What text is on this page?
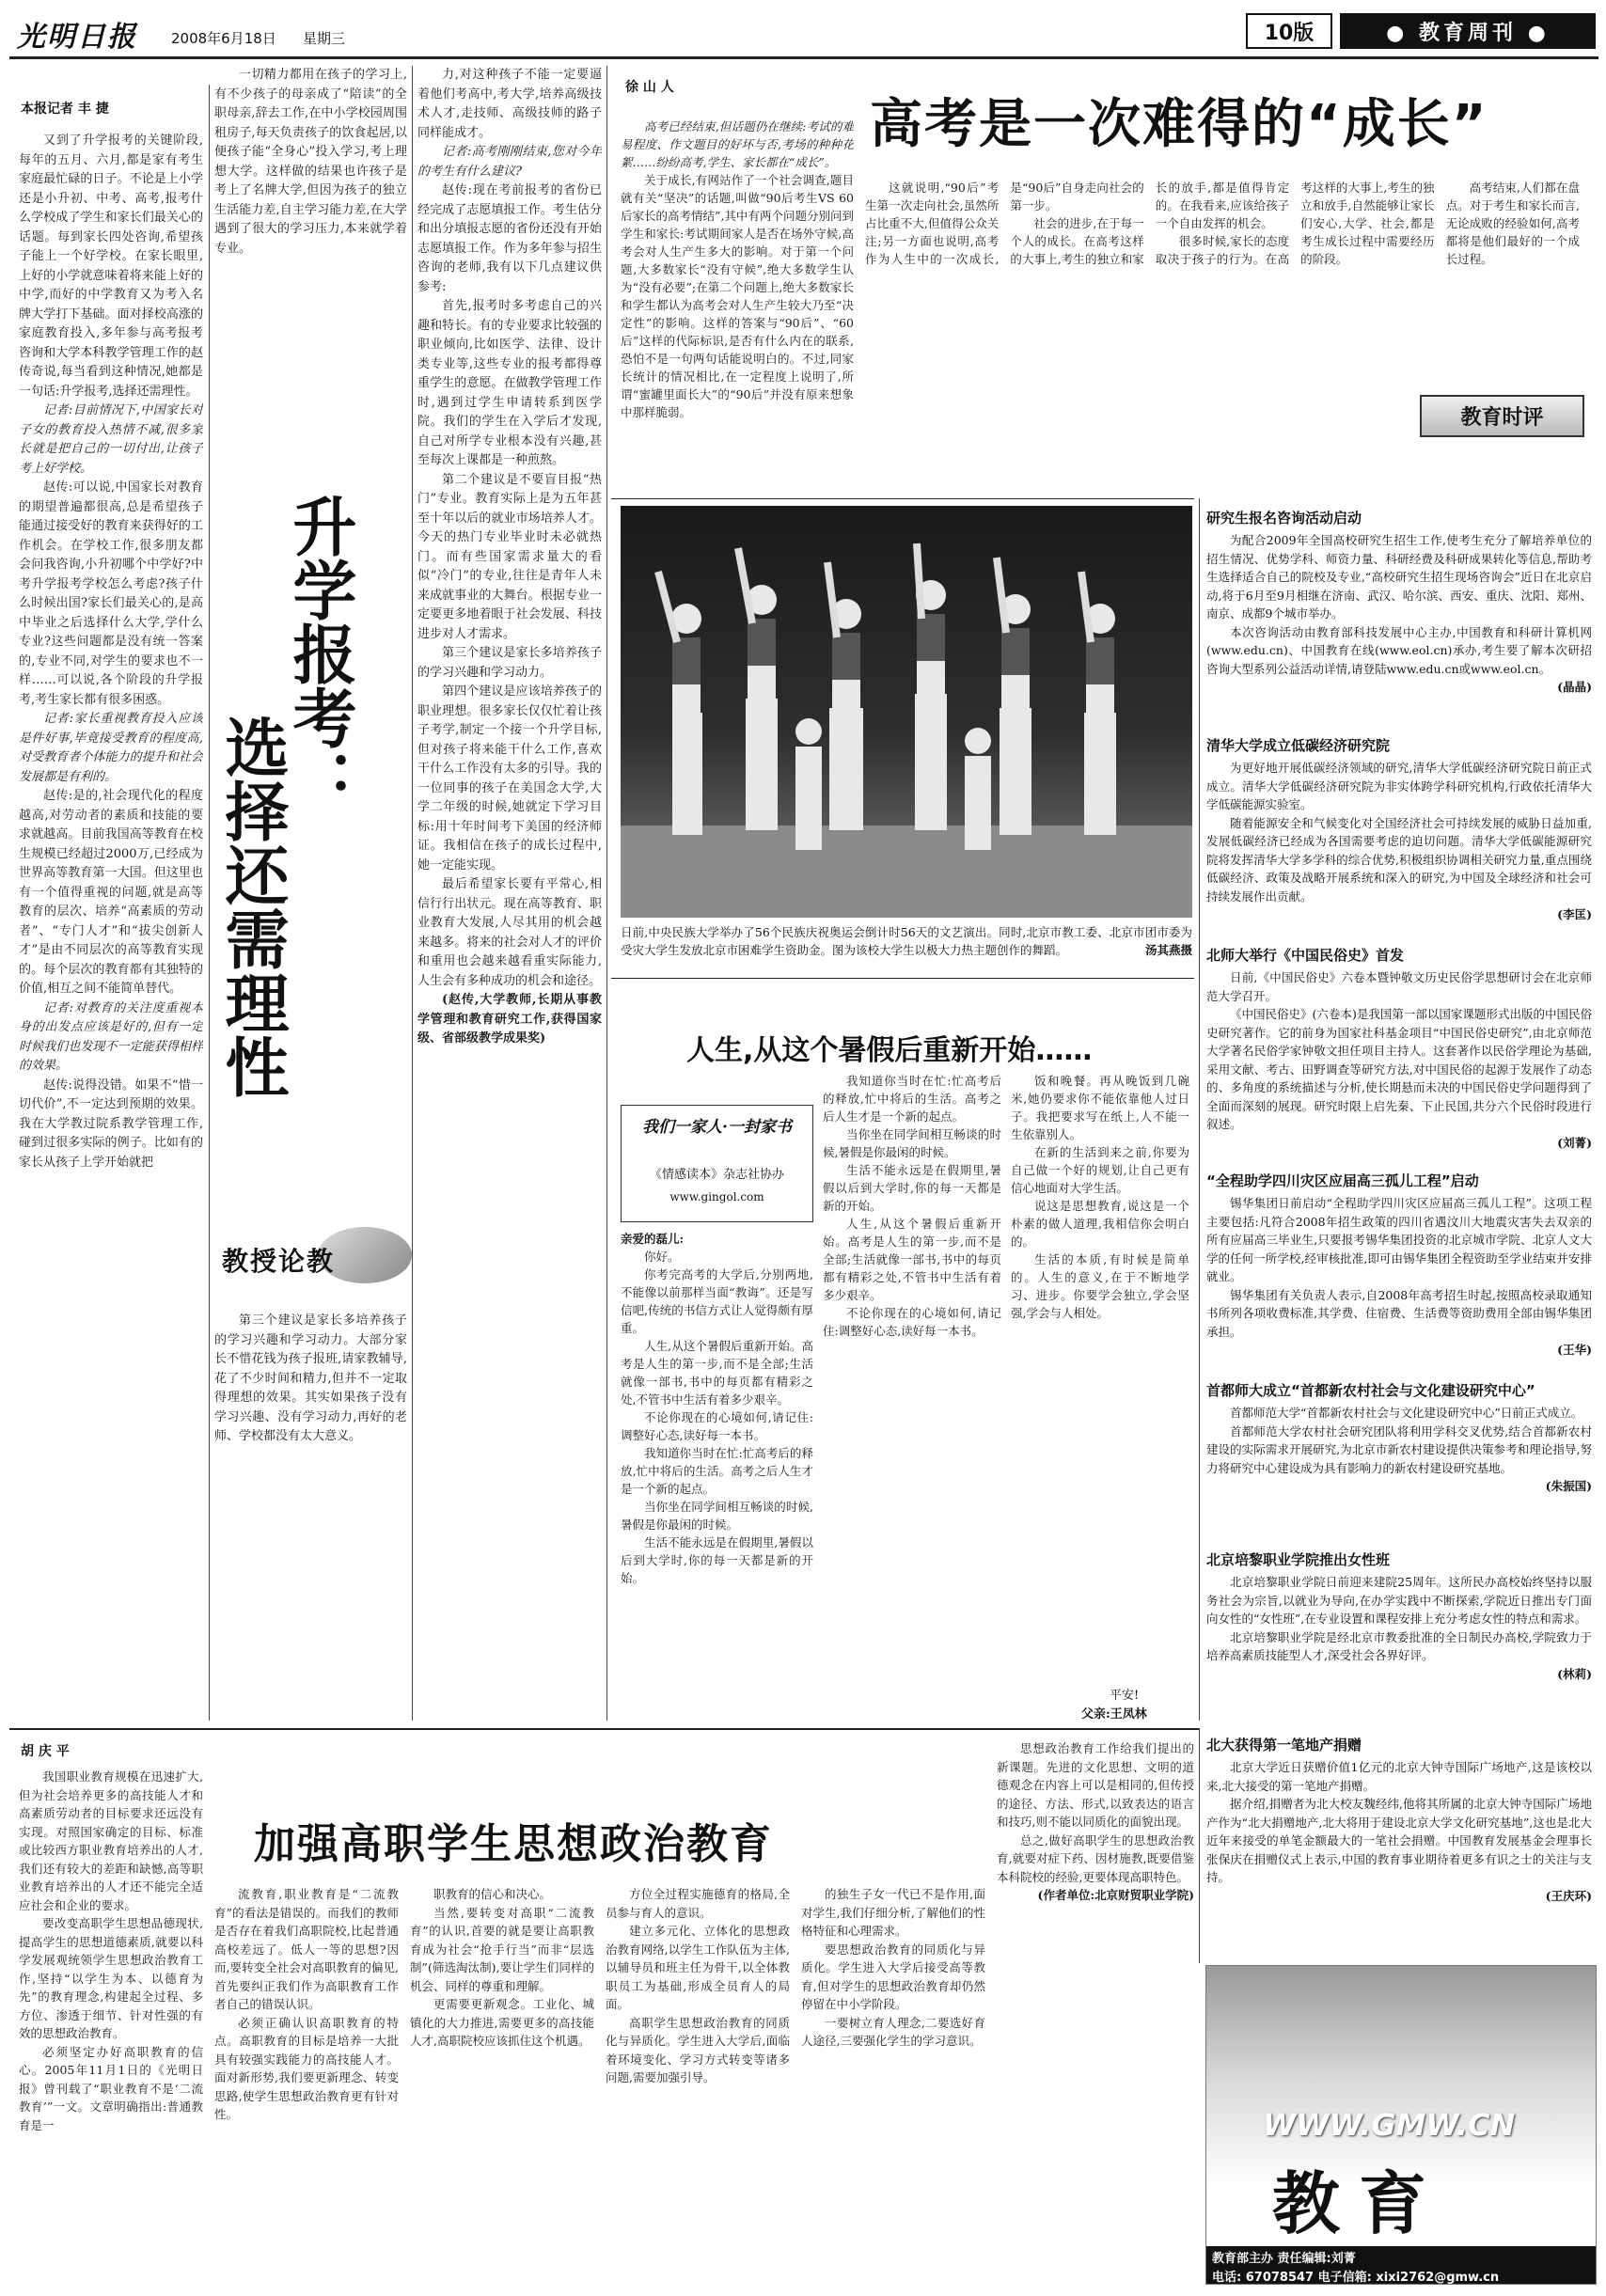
光明日报 2008年6月18日 星期三	10版	● 教育周刊 ●
本报记者 丰 捷

又到了升学报考的关键阶段,每年的五月、六月,都是家有考生家庭最忙碌的日子。不论是上小学还是小升初、中考、高考,报考什么学校成了学生和家长们最关心的话题。每到家长四处咨询,希望孩子能上一个好学校。在家长眼里,上好的小学就意味着将来能上好的中学,而好的中学教育又为考入名牌大学打下基础。面对择校高涨的家庭教育投入,多年参与高考报考咨询和大学本科教学管理工作的赵传奇说,每当看到这种情况,她都是一句话:升学报考,选择还需理性。

记者:目前情况下,中国家长对子女的教育投入热情不减,很多家长就是把自己的一切付出,让孩子考上好学校。

赵传:可以说,中国家长对教育的期望普遍都很高,总是希望孩子能通过接受好的教育来获得好的工作机会。在学校工作,很多朋友都会问我咨询,小升初哪个中学好?中考升学报考学校怎么考虑?孩子什么时候出国?家长们最关心的,是高中毕业之后选择什么大学,学什么专业?这些问题都是没有统一答案的,专业不同,对学生的要求也不一样……可以说,各个阶段的升学报考,考生家长都有很多困惑。

记者:家长重视教育投入应该是件好事,毕竟接受教育的程度高,对受教育者个体能力的提升和社会发展都是有利的。

赵传:是的,社会现代化的程度越高,对劳动者的素质和技能的要求就越高。目前我国高等教育在校生规模已经超过2000万,已经成为世界高等教育第一大国。但这里也有一个值得重视的问题,就是高等教育的层次、培养“高素质的劳动者”、“专门人才”和“拔尖创新人才”是由不同层次的高等教育实现的。每个层次的教育都有其独特的价值,相互之间不能简单替代。

记者:对教育的关注度重视本身的出发点应该是好的,但有一定时候我们也发现不一定能获得相样的效果。

赵传:说得没错。如果不“惜一切代价”,不一定达到预期的效果。我在大学教过院系教学管理工作,碰到过很多实际的例子。比如有的家长从孩子上学开始就把

升学报考：
选择还需理性
教授论教

一切精力都用在孩子的学习上,有不少孩子的母亲成了“陪读”的全职母亲,辞去工作,在中小学校园周围租房子,每天负责孩子的饮食起居,以便孩子能“全身心”投入学习,考上理想大学。这样做的结果也许孩子是考上了名牌大学,但因为孩子的独立生活能力差,自主学习能力差,在大学遇到了很大的学习压力,本来就学着专业。

第三个建议是家长多培养孩子的学习兴趣和学习动力。大部分家长不惜花钱为孩子报班,请家教辅导,花了不少时间和精力,但并不一定取得理想的效果。其实如果孩子没有学习兴趣、没有学习动力,再好的老师、学校都没有太大意义。

力,对这种孩子不能一定要逼着他们考高中,考大学,培养高级技术人才,走技师、高级技师的路子同样能成才。

记者:高考刚刚结束,您对今年的考生有什么建议?

赵传:现在考前报考的省份已经完成了志愿填报工作。考生估分和出分填报志愿的省份还没有开始志愿填报工作。作为多年参与招生咨询的老师,我有以下几点建议供参考:

首先,报考时多考虑自己的兴趣和特长。有的专业要求比较强的职业倾向,比如医学、法律、设计类专业等,这些专业的报考都得尊重学生的意愿。在做教学管理工作时,遇到过学生申请转系到医学院。我们的学生在入学后才发现,自己对所学专业根本没有兴趣,甚至每次上课都是一种煎熬。

第二个建议是不要盲目报“热门”专业。教育实际上是为五年甚至十年以后的就业市场培养人才。今天的热门专业毕业时未必就热门。而有些国家需求量大的看似“冷门”的专业,往往是青年人未来成就事业的大舞台。根据专业一定要更多地着眼于社会发展、科技进步对人才需求。

第三个建议是家长多培养孩子的学习兴趣和学习动力。

第四个建议是应该培养孩子的职业理想。很多家长仅仅忙着让孩子考学,制定一个接一个升学目标,但对孩子将来能干什么工作,喜欢干什么工作没有太多的引导。我的一位同事的孩子在美国念大学,大学二年级的时候,她就定下学习目标:用十年时间考下美国的经济师证。我相信在孩子的成长过程中,她一定能实现。

最后希望家长要有平常心,相信行行出状元。现在高等教育、职业教育大发展,人尽其用的机会越来越多。将来的社会对人才的评价和重用也会越来越看重实际能力,人生会有多种成功的机会和途径。

(赵传,大学教师,长期从事教学管理和教育研究工作,获得国家级、省部级教学成果奖)

徐 山 人
高考是一次难得的“成长”

高考已经结束,但话题仍在继续:考试的难易程度、作文题目的好坏与否,考场的种种花絮……纷纷高考,学生、家长都在“成长”。

关于成长,有网站作了一个社会调查,题目就有关“坚决”的话题,叫做“90后考生VS 60后家长的高考情结”,其中有两个问题分别问到学生和家长:考试期间家人是否在场外守候,高考会对人生产生多大的影响。对于第一个问题,大多数家长“没有守候”,绝大多数学生认为“没有必要”;在第二个问题上,绝大多数家长和学生都认为高考会对人生产生较大乃至“决定性”的影响。这样的答案与“90后”、“60后”这样的代际标识,是否有什么内在的联系,恐怕不是一句两句话能说明白的。不过,同家长统计的情况相比,在一定程度上说明了,所谓“蜜罐里面长大”的“90后”并没有原来想象中那样脆弱。

这就说明,“90后”考生第一次走向社会,虽然所占比重不大,但值得公众关注;另一方面也说明,高考作为人生中的一次成长,是“90后”自身走向社会的第一步。

社会的进步,在于每一个人的成长。在高考这样的大事上,考生的独立和家长的放手,都是值得肯定的。在我看来,应该给孩子一个自由发挥的机会。

很多时候,家长的态度取决于孩子的行为。在高考这样的大事上,考生的独立和放手,自然能够让家长们安心,大学、社会,都是考生成长过程中需要经历的阶段。

高考结束,人们都在盘点。对于考生和家长而言,无论成败的经验如何,高考都将是他们最好的一个成长过程。

教育时评
日前,中央民族大学举办了56个民族庆祝奥运会倒计时56天的文艺演出。同时,北京市教工委、北京市团市委为受灾大学生发放北京市困难学生资助金。图为该校大学生以极大力热主题创作的舞蹈。	汤其燕摄
人生,从这个暑假后重新开始……
我们一家人·一封家书
《情感读本》杂志社协办
www.gingol.com
亲爱的磊儿:

你好。

你考完高考的大学后,分别两地,不能像以前那样当面“教诲”。还是写信吧,传统的书信方式让人觉得颇有厚重。

人生,从这个暑假后重新开始。高考是人生的第一步,而不是全部;生活就像一部书,书中的每页都有精彩之处,不管书中生活有着多少艰辛。

不论你现在的心境如何,请记住:调整好心态,读好每一本书。

我知道你当时在忙:忙高考后的释放,忙中将后的生活。高考之后人生才是一个新的起点。

当你坐在同学间相互畅谈的时候,暑假是你最闲的时候。

生活不能永远是在假期里,暑假以后到大学时,你的每一天都是新的开始。

我知道你当时在忙:忙高考后的释放,忙中将后的生活。高考之后人生才是一个新的起点。

当你坐在同学间相互畅谈的时候,暑假是你最闲的时候。

生活不能永远是在假期里,暑假以后到大学时,你的每一天都是新的开始。

人生,从这个暑假后重新开始。高考是人生的第一步,而不是全部;生活就像一部书,书中的每页都有精彩之处,不管书中生活有着多少艰辛。

不论你现在的心境如何,请记住:调整好心态,读好每一本书。

饭和晚餐。再从晚饭到几碗米,她仍要求你不能依靠他人过日子。我把要求写在纸上,人不能一生依靠别人。

在新的生活到来之前,你要为自己做一个好的规划,让自己更有信心地面对大学生活。

说这是思想教育,说这是一个朴素的做人道理,我相信你会明白的。

生活的本质,有时候是简单的。人生的意义,在于不断地学习、进步。你要学会独立,学会坚强,学会与人相处。

平安!
父亲:王凤林
研究生报名咨询活动启动

为配合2009年全国高校研究生招生工作,使考生充分了解培养单位的招生情况、优势学科、师资力量、科研经费及科研成果转化等信息,帮助考生选择适合自己的院校及专业,“高校研究生招生现场咨询会”近日在北京启动,将于6月至9月相继在济南、武汉、哈尔滨、西安、重庆、沈阳、郑州、南京、成都9个城市举办。

本次咨询活动由教育部科技发展中心主办,中国教育和科研计算机网(www.edu.cn)、中国教育在线(www.eol.cn)承办,考生要了解本次研招咨询大型系列公益活动详情,请登陆www.edu.cn或www.eol.cn。

(晶晶)
清华大学成立低碳经济研究院

为更好地开展低碳经济领域的研究,清华大学低碳经济研究院日前正式成立。清华大学低碳经济研究院为非实体跨学科研究机构,行政依托清华大学低碳能源实验室。

随着能源安全和气候变化对全国经济社会可持续发展的威胁日益加重,发展低碳经济已经成为各国需要考虑的迫切问题。清华大学低碳能源研究院将发挥清华大学多学科的综合优势,积极组织协调相关研究力量,重点围绕低碳经济、政策及战略开展系统和深入的研究,为中国及全球经济和社会可持续发展作出贡献。

(李匡)
北师大举行《中国民俗史》首发

日前,《中国民俗史》六卷本暨钟敬文历史民俗学思想研讨会在北京师范大学召开。

《中国民俗史》(六卷本)是我国第一部以国家课题形式出版的中国民俗史研究著作。它的前身为国家社科基金项目“中国民俗史研究”,由北京师范大学著名民俗学家钟敬文担任项目主持人。这套著作以民俗学理论为基础,采用文献、考古、田野调查等研究方法,对中国民俗的起源于发展作了动态的、多角度的系统描述与分析,使长期悬而未决的中国民俗史学问题得到了全面而深刻的展现。研究时限上启先秦、下止民国,共分六个民俗时段进行叙述。

(刘菁)
“全程助学四川灾区应届高三孤儿工程”启动

锡华集团日前启动“全程助学四川灾区应届高三孤儿工程”。这项工程主要包括:凡符合2008年招生政策的四川省遇汶川大地震灾害失去双亲的所有应届高三毕业生,只要报考锡华集团投资的北京城市学院、北京人文大学的任何一所学校,经审核批准,即可由锡华集团全程资助至学业结束并安排就业。

锡华集团有关负责人表示,自2008年高考招生时起,按照高校录取通知书所列各项收费标准,其学费、住宿费、生活费等资助费用全部由锡华集团承担。

(王华)
首都师大成立“首都新农村社会与文化建设研究中心”

首都师范大学“首都新农村社会与文化建设研究中心”日前正式成立。

首都师范大学农村社会研究团队将利用学科交叉优势,结合首都新农村建设的实际需求开展研究,为北京市新农村建设提供决策参考和理论指导,努力将研究中心建设成为具有影响力的新农村建设研究基地。

(朱振国)
北京培黎职业学院推出女性班

北京培黎职业学院日前迎来建院25周年。这所民办高校始终坚持以服务社会为宗旨,以就业为导向,在办学实践中不断探索,学院近日推出专门面向女性的“女性班”,在专业设置和课程安排上充分考虑女性的特点和需求。

北京培黎职业学院是经北京市教委批准的全日制民办高校,学院致力于培养高素质技能型人才,深受社会各界好评。

(林莉)
北大获得第一笔地产捐赠

北京大学近日获赠价值1亿元的北京大钟寺国际广场地产,这是该校以来,北大接受的第一笔地产捐赠。

据介绍,捐赠者为北大校友魏经纬,他将其所属的北京大钟寺国际广场地产作为“北大捐赠地产,北大将用于建设北京大学文化研究基地”,这也是北大近年来接受的单笔金额最大的一笔社会捐赠。中国教育发展基金会理事长张保庆在捐赠仪式上表示,中国的教育事业期待着更多有识之士的关注与支持。

(王庆环)
胡 庆 平
加强高职学生思想政治教育

我国职业教育规模在迅速扩大,但为社会培养更多的高技能人才和高素质劳动者的目标要求还远没有实现。对照国家确定的目标、标准或比较西方职业教育培养出的人才,我们还有较大的差距和缺憾,高等职业教育培养出的人才还不能完全适应社会和企业的要求。

要改变高职学生思想品德现状,提高学生的思想道德素质,就要以科学发展观统领学生思想政治教育工作,坚持“以学生为本、以德育为先”的教育理念,构建起全过程、多方位、渗透于细节、针对性强的有效的思想政治教育。

必须坚定办好高职教育的信心。2005年11月1日的《光明日报》曾刊载了“职业教育不是‘二流教育’”一文。文章明确指出:普通教育是一

流教育,职业教育是“二流教育”的看法是错误的。而我们的教师是否存在着我们高职院校,比起普通高校差远了。低人一等的思想?因而,要转变全社会对高职教育的偏见,首先要纠正我们作为高职教育工作者自己的错误认识。

必须正确认识高职教育的特点。高职教育的目标是培养一大批具有较强实践能力的高技能人才。面对新形势,我们要更新理念、转变思路,使学生思想政治教育更有针对性。

职教育的信心和决心。

当然,要转变对高职“二流教育”的认识,首要的就是要让高职教育成为社会“抢手行当”而非“层选制”(筛选淘汰制),要让学生们同样的机会、同样的尊重和理解。

更需要更新观念。工业化、城镇化的大力推进,需要更多的高技能人才,高职院校应该抓住这个机遇。

方位全过程实施德育的格局,全员参与育人的意识。

建立多元化、立体化的思想政治教育网络,以学生工作队伍为主体,以辅导员和班主任为骨干,以全体教职员工为基础,形成全员育人的局面。

高职学生思想政治教育的同质化与异质化。学生进入大学后,面临着环境变化、学习方式转变等诸多问题,需要加强引导。

的独生子女一代已不是作用,面对学生,我们仔细分析,了解他们的性格特征和心理需求。

要思想政治教育的同质化与异质化。学生进入大学后接受高等教育,但对学生的思想政治教育却仍然停留在中小学阶段。

一要树立育人理念,二要选好育人途径,三要强化学生的学习意识。

思想政治教育工作给我们提出的新课题。先进的文化思想、文明的道德观念在内容上可以是相同的,但传授的途径、方法、形式,以致表达的语言和技巧,则不能以同质化的面貌出现。

总之,做好高职学生的思想政治教育,就要对症下药、因材施教,既要借鉴本科院校的经验,更要体现高职特色。

(作者单位:北京财贸职业学院)
WWW.GMW.CN
教育
教育部主办 责任编辑:刘菁
电话: 67078547 电子信箱: xixi2762@gmw.cn
